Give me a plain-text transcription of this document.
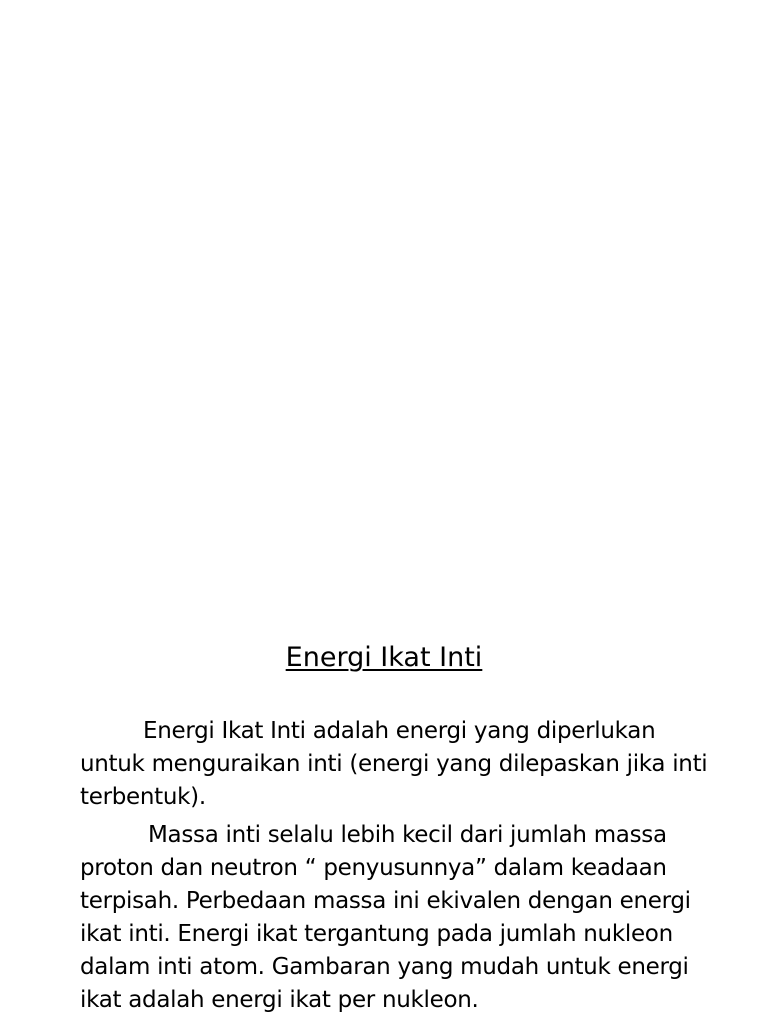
Energi Ikat Inti

Energi Ikat Inti adalah energi yang diperlukan untuk menguraikan inti (energi yang dilepaskan jika inti terbentuk).

Massa inti selalu lebih kecil dari jumlah massa proton dan neutron “ penyusunnya” dalam keadaan terpisah. Perbedaan massa ini ekivalen dengan energi ikat inti. Energi ikat tergantung pada jumlah nukleon dalam inti atom. Gambaran yang mudah untuk energi ikat adalah energi ikat per nukleon.
